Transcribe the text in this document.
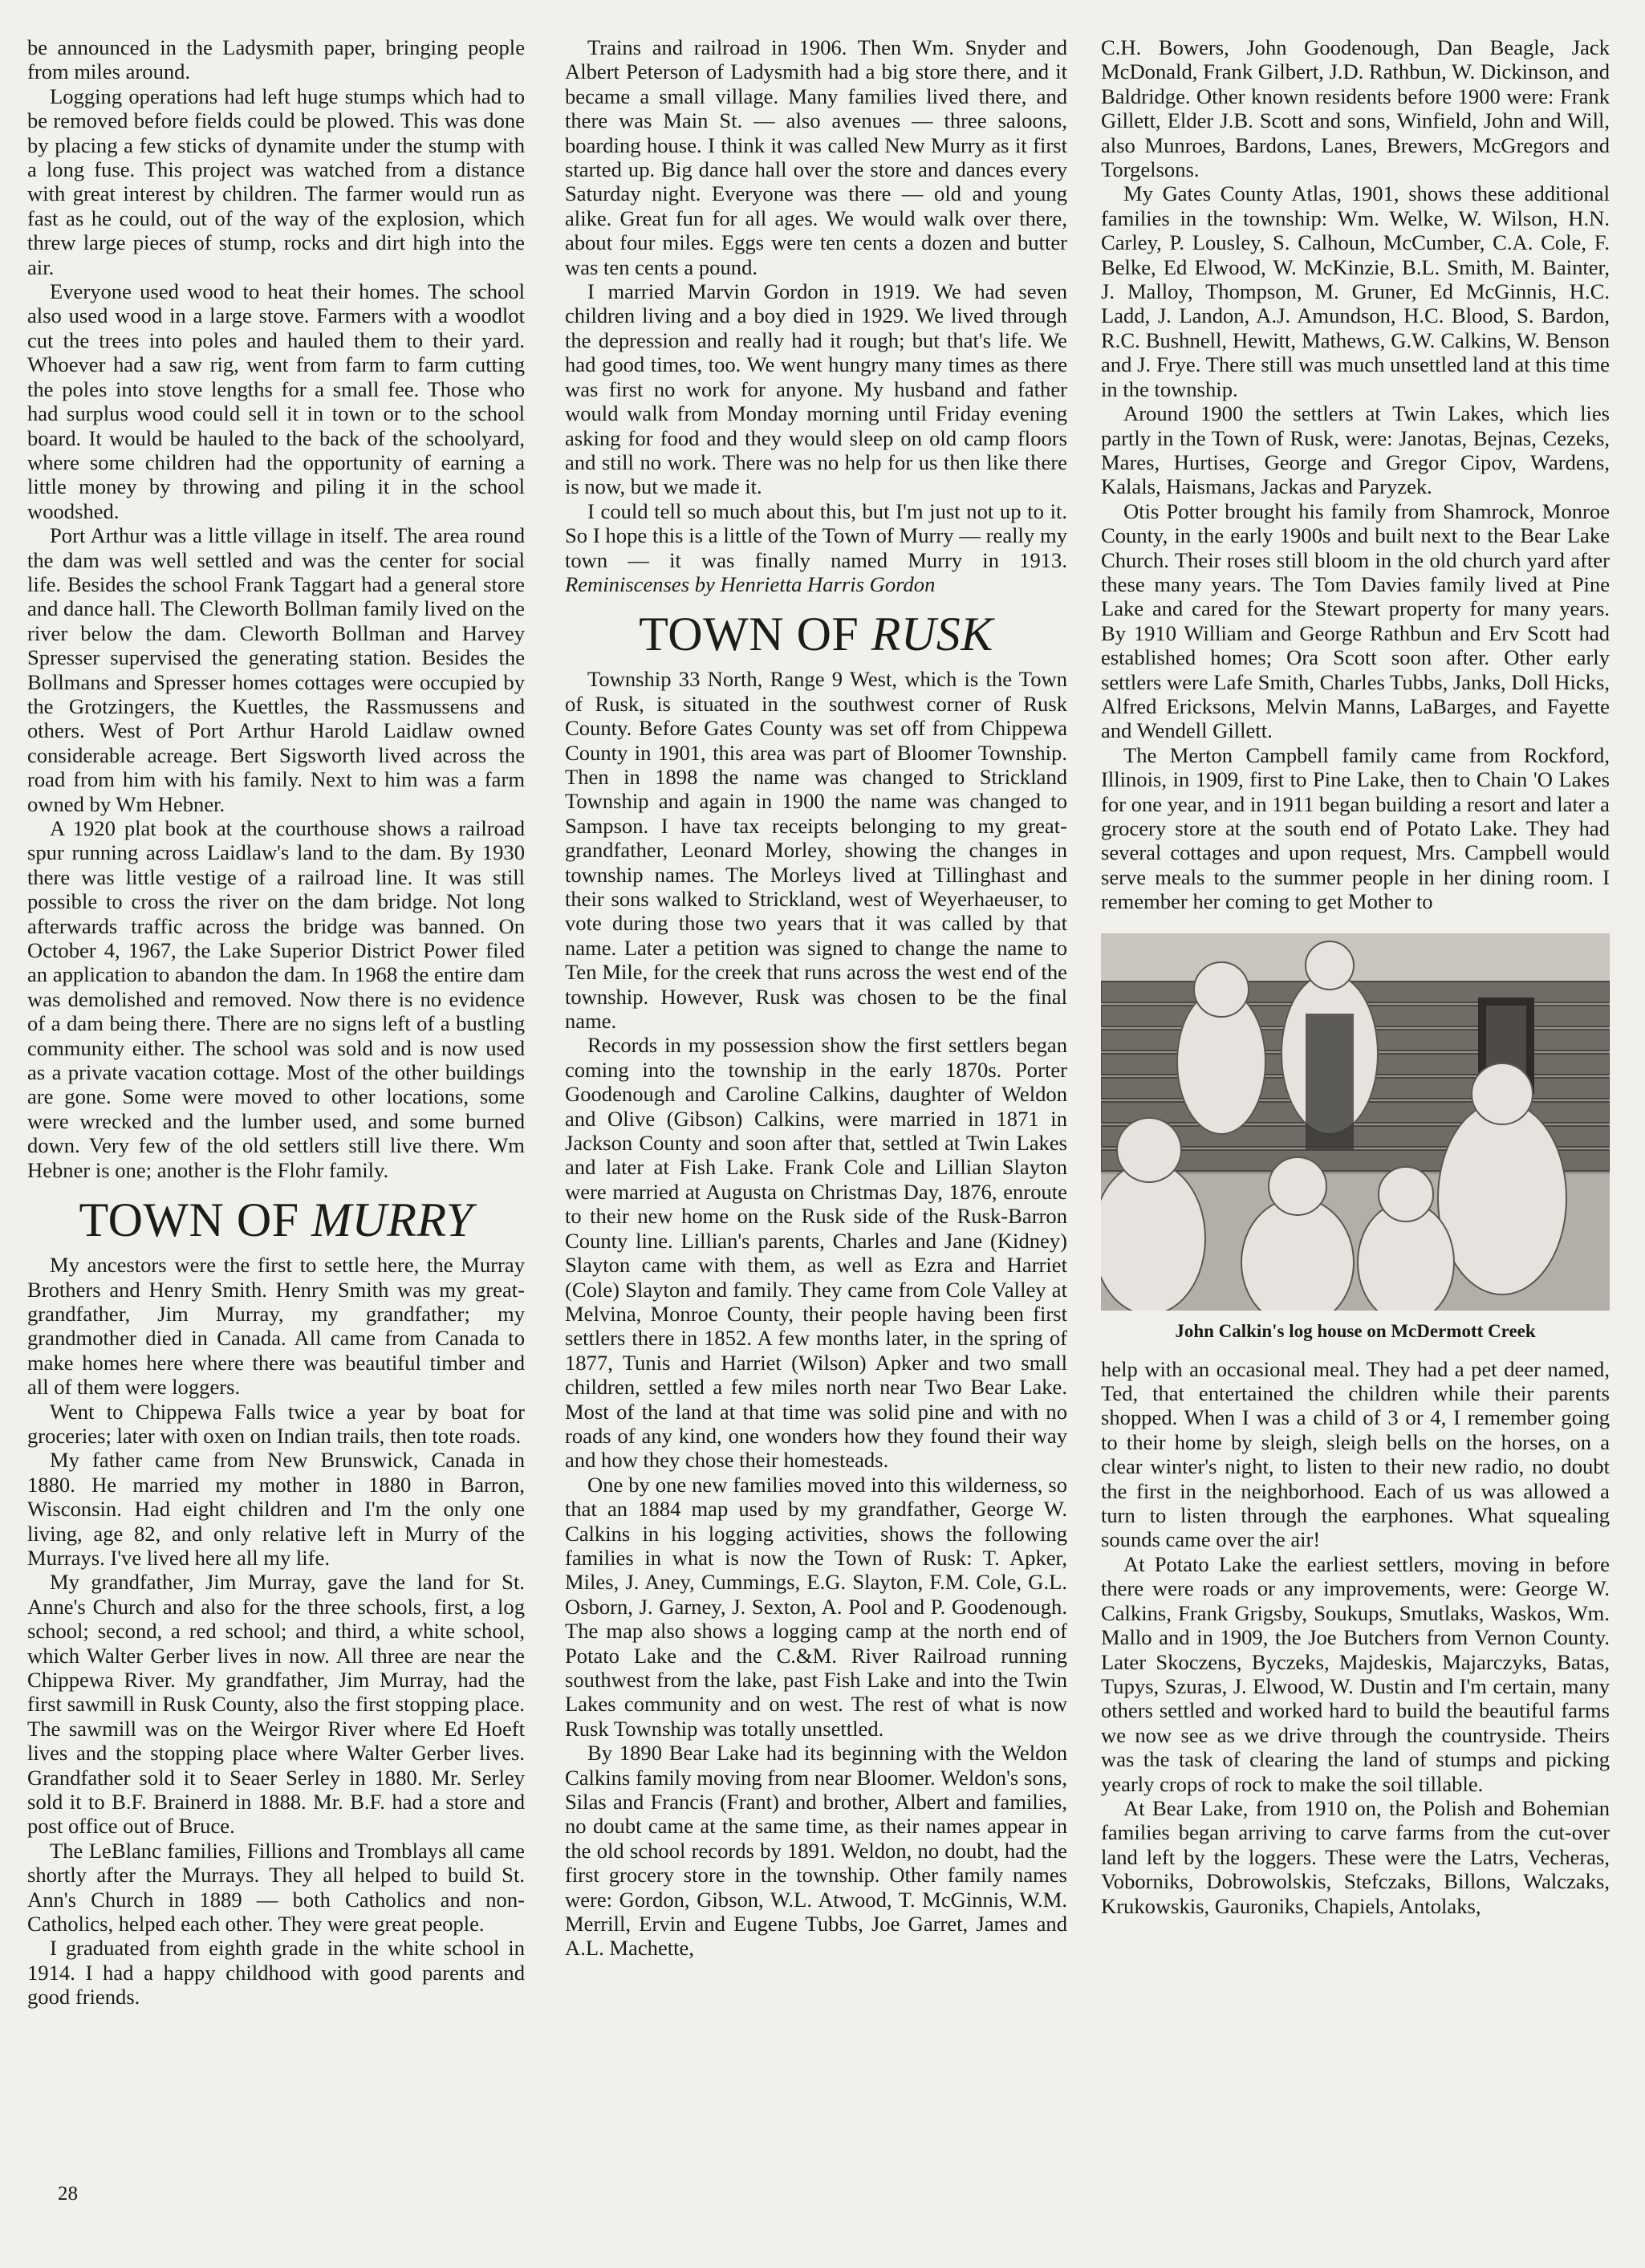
be announced in the Ladysmith paper, bringing people from miles around.

Logging operations had left huge stumps which had to be removed before fields could be plowed. This was done by placing a few sticks of dynamite under the stump with a long fuse. This project was watched from a distance with great interest by children. The farmer would run as fast as he could, out of the way of the explosion, which threw large pieces of stump, rocks and dirt high into the air.

Everyone used wood to heat their homes. The school also used wood in a large stove. Farmers with a woodlot cut the trees into poles and hauled them to their yard. Whoever had a saw rig, went from farm to farm cutting the poles into stove lengths for a small fee. Those who had surplus wood could sell it in town or to the school board. It would be hauled to the back of the schoolyard, where some children had the opportunity of earning a little money by throwing and piling it in the school woodshed.

Port Arthur was a little village in itself. The area round the dam was well settled and was the center for social life. Besides the school Frank Taggart had a general store and dance hall. The Cleworth Bollman family lived on the river below the dam. Cleworth Bollman and Harvey Spresser supervised the generating station. Besides the Bollmans and Spresser homes cottages were occupied by the Grotzingers, the Kuettles, the Rassmussens and others. West of Port Arthur Harold Laidlaw owned considerable acreage. Bert Sigsworth lived across the road from him with his family. Next to him was a farm owned by Wm Hebner.

A 1920 plat book at the courthouse shows a railroad spur running across Laidlaw's land to the dam. By 1930 there was little vestige of a railroad line. It was still possible to cross the river on the dam bridge. Not long afterwards traffic across the bridge was banned. On October 4, 1967, the Lake Superior District Power filed an application to abandon the dam. In 1968 the entire dam was demolished and removed. Now there is no evidence of a dam being there. There are no signs left of a bustling community either. The school was sold and is now used as a private vacation cottage. Most of the other buildings are gone. Some were moved to other locations, some were wrecked and the lumber used, and some burned down. Very few of the old settlers still live there. Wm Hebner is one; another is the Flohr family.

TOWN OF MURRY

My ancestors were the first to settle here, the Murray Brothers and Henry Smith. Henry Smith was my great-grandfather, Jim Murray, my grandfather; my grandmother died in Canada. All came from Canada to make homes here where there was beautiful timber and all of them were loggers.

Went to Chippewa Falls twice a year by boat for groceries; later with oxen on Indian trails, then tote roads.

My father came from New Brunswick, Canada in 1880. He married my mother in 1880 in Barron, Wisconsin. Had eight children and I'm the only one living, age 82, and only relative left in Murry of the Murrays. I've lived here all my life.

My grandfather, Jim Murray, gave the land for St. Anne's Church and also for the three schools, first, a log school; second, a red school; and third, a white school, which Walter Gerber lives in now. All three are near the Chippewa River. My grandfather, Jim Murray, had the first sawmill in Rusk County, also the first stopping place. The sawmill was on the Weirgor River where Ed Hoeft lives and the stopping place where Walter Gerber lives. Grandfather sold it to Seaer Serley in 1880. Mr. Serley sold it to B.F. Brainerd in 1888. Mr. B.F. had a store and post office out of Bruce.

The LeBlanc families, Fillions and Tromblays all came shortly after the Murrays. They all helped to build St. Ann's Church in 1889 — both Catholics and non-Catholics, helped each other. They were great people.

I graduated from eighth grade in the white school in 1914. I had a happy childhood with good parents and good friends.

Trains and railroad in 1906. Then Wm. Snyder and Albert Peterson of Ladysmith had a big store there, and it became a small village. Many families lived there, and there was Main St. — also avenues — three saloons, boarding house. I think it was called New Murry as it first started up. Big dance hall over the store and dances every Saturday night. Everyone was there — old and young alike. Great fun for all ages. We would walk over there, about four miles. Eggs were ten cents a dozen and butter was ten cents a pound.

I married Marvin Gordon in 1919. We had seven children living and a boy died in 1929. We lived through the depression and really had it rough; but that's life. We had good times, too. We went hungry many times as there was first no work for anyone. My husband and father would walk from Monday morning until Friday evening asking for food and they would sleep on old camp floors and still no work. There was no help for us then like there is now, but we made it.

I could tell so much about this, but I'm just not up to it. So I hope this is a little of the Town of Murry — really my town — it was finally named Murry in 1913. Reminiscenses by Henrietta Harris Gordon

TOWN OF RUSK

Township 33 North, Range 9 West, which is the Town of Rusk, is situated in the southwest corner of Rusk County. Before Gates County was set off from Chippewa County in 1901, this area was part of Bloomer Township. Then in 1898 the name was changed to Strickland Township and again in 1900 the name was changed to Sampson. I have tax receipts belonging to my great-grandfather, Leonard Morley, showing the changes in township names. The Morleys lived at Tillinghast and their sons walked to Strickland, west of Weyerhaeuser, to vote during those two years that it was called by that name. Later a petition was signed to change the name to Ten Mile, for the creek that runs across the west end of the township. However, Rusk was chosen to be the final name.

Records in my possession show the first settlers began coming into the township in the early 1870s. Porter Goodenough and Caroline Calkins, daughter of Weldon and Olive (Gibson) Calkins, were married in 1871 in Jackson County and soon after that, settled at Twin Lakes and later at Fish Lake. Frank Cole and Lillian Slayton were married at Augusta on Christmas Day, 1876, enroute to their new home on the Rusk side of the Rusk-Barron County line. Lillian's parents, Charles and Jane (Kidney) Slayton came with them, as well as Ezra and Harriet (Cole) Slayton and family. They came from Cole Valley at Melvina, Monroe County, their people having been first settlers there in 1852. A few months later, in the spring of 1877, Tunis and Harriet (Wilson) Apker and two small children, settled a few miles north near Two Bear Lake. Most of the land at that time was solid pine and with no roads of any kind, one wonders how they found their way and how they chose their homesteads.

One by one new families moved into this wilderness, so that an 1884 map used by my grandfather, George W. Calkins in his logging activities, shows the following families in what is now the Town of Rusk: T. Apker, Miles, J. Aney, Cummings, E.G. Slayton, F.M. Cole, G.L. Osborn, J. Garney, J. Sexton, A. Pool and P. Goodenough. The map also shows a logging camp at the north end of Potato Lake and the C.&M. River Railroad running southwest from the lake, past Fish Lake and into the Twin Lakes community and on west. The rest of what is now Rusk Township was totally unsettled.

By 1890 Bear Lake had its beginning with the Weldon Calkins family moving from near Bloomer. Weldon's sons, Silas and Francis (Frant) and brother, Albert and families, no doubt came at the same time, as their names appear in the old school records by 1891. Weldon, no doubt, had the first grocery store in the township. Other family names were: Gordon, Gibson, W.L. Atwood, T. McGinnis, W.M. Merrill, Ervin and Eugene Tubbs, Joe Garret, James and A.L. Machette,

C.H. Bowers, John Goodenough, Dan Beagle, Jack McDonald, Frank Gilbert, J.D. Rathbun, W. Dickinson, and Baldridge. Other known residents before 1900 were: Frank Gillett, Elder J.B. Scott and sons, Winfield, John and Will, also Munroes, Bardons, Lanes, Brewers, McGregors and Torgelsons.

My Gates County Atlas, 1901, shows these additional families in the township: Wm. Welke, W. Wilson, H.N. Carley, P. Lousley, S. Calhoun, McCumber, C.A. Cole, F. Belke, Ed Elwood, W. McKinzie, B.L. Smith, M. Bainter, J. Malloy, Thompson, M. Gruner, Ed McGinnis, H.C. Ladd, J. Landon, A.J. Amundson, H.C. Blood, S. Bardon, R.C. Bushnell, Hewitt, Mathews, G.W. Calkins, W. Benson and J. Frye. There still was much unsettled land at this time in the township.

Around 1900 the settlers at Twin Lakes, which lies partly in the Town of Rusk, were: Janotas, Bejnas, Cezeks, Mares, Hurtises, George and Gregor Cipov, Wardens, Kalals, Haismans, Jackas and Paryzek.

Otis Potter brought his family from Shamrock, Monroe County, in the early 1900s and built next to the Bear Lake Church. Their roses still bloom in the old church yard after these many years. The Tom Davies family lived at Pine Lake and cared for the Stewart property for many years. By 1910 William and George Rathbun and Erv Scott had established homes; Ora Scott soon after. Other early settlers were Lafe Smith, Charles Tubbs, Janks, Doll Hicks, Alfred Ericksons, Melvin Manns, LaBarges, and Fayette and Wendell Gillett.

The Merton Campbell family came from Rockford, Illinois, in 1909, first to Pine Lake, then to Chain 'O Lakes for one year, and in 1911 began building a resort and later a grocery store at the south end of Potato Lake. They had several cottages and upon request, Mrs. Campbell would serve meals to the summer people in her dining room. I remember her coming to get Mother to

John Calkin's log house on McDermott Creek

help with an occasional meal. They had a pet deer named, Ted, that entertained the children while their parents shopped. When I was a child of 3 or 4, I remember going to their home by sleigh, sleigh bells on the horses, on a clear winter's night, to listen to their new radio, no doubt the first in the neighborhood. Each of us was allowed a turn to listen through the earphones. What squealing sounds came over the air!

At Potato Lake the earliest settlers, moving in before there were roads or any improvements, were: George W. Calkins, Frank Grigsby, Soukups, Smutlaks, Waskos, Wm. Mallo and in 1909, the Joe Butchers from Vernon County. Later Skoczens, Byczeks, Majdeskis, Majarczyks, Batas, Tupys, Szuras, J. Elwood, W. Dustin and I'm certain, many others settled and worked hard to build the beautiful farms we now see as we drive through the countryside. Theirs was the task of clearing the land of stumps and picking yearly crops of rock to make the soil tillable.

At Bear Lake, from 1910 on, the Polish and Bohemian families began arriving to carve farms from the cut-over land left by the loggers. These were the Latrs, Vecheras, Voborniks, Dobrowolskis, Stefczaks, Billons, Walczaks, Krukowskis, Gauroniks, Chapiels, Antolaks,

28
